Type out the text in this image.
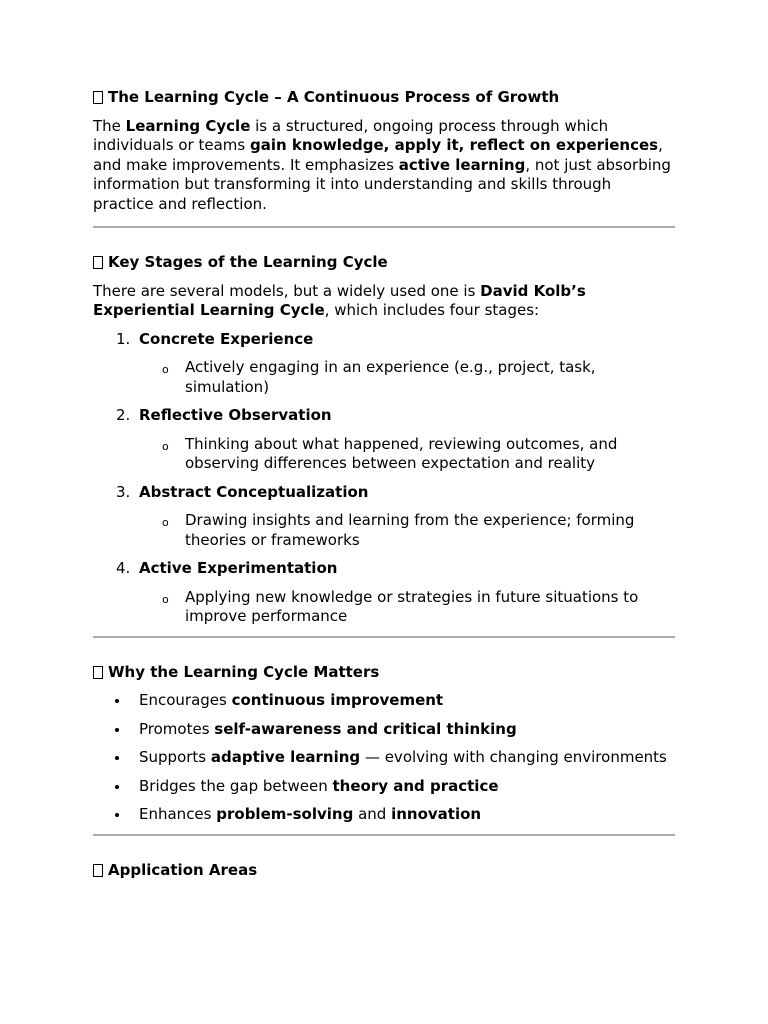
The Learning Cycle – A Continuous Process of Growth

The Learning Cycle is a structured, ongoing process through which individuals or teams gain knowledge, apply it, reflect on experiences, and make improvements. It emphasizes active learning, not just absorbing information but transforming it into understanding and skills through practice and reflection.

Key Stages of the Learning Cycle

There are several models, but a widely used one is David Kolb’s Experiential Learning Cycle, which includes four stages:

1. Concrete Experience
o Actively engaging in an experience (e.g., project, task, simulation)
2. Reflective Observation
o Thinking about what happened, reviewing outcomes, and observing differences between expectation and reality
3. Abstract Conceptualization
o Drawing insights and learning from the experience; forming theories or frameworks
4. Active Experimentation
o Applying new knowledge or strategies in future situations to improve performance
Why the Learning Cycle Matters
Encourages continuous improvement
Promotes self-awareness and critical thinking
Supports adaptive learning — evolving with changing environments
Bridges the gap between theory and practice
Enhances problem-solving and innovation
Application Areas
